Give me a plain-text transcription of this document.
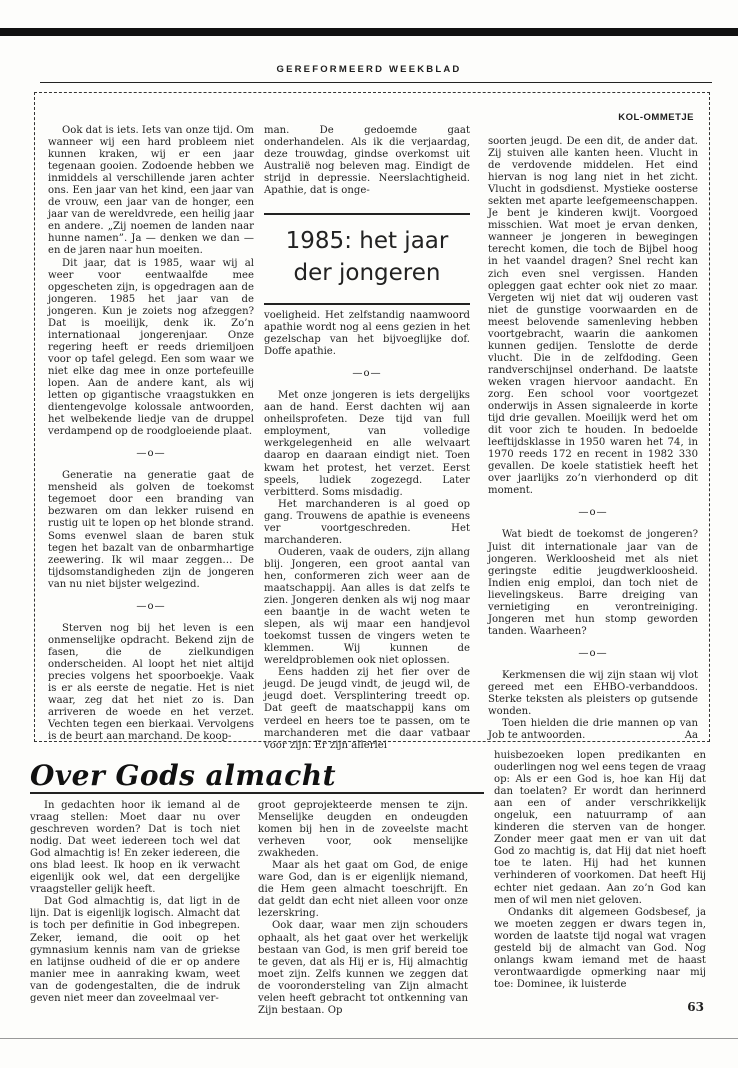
GEREFORMEERD WEEKBLAD
KOL-OMMETJE

Ook dat is iets. Iets van onze tijd. Om wanneer wij een hard probleem niet kunnen kraken, wij er een jaar tegenaan gooien. Zodoende hebben we inmiddels al verschillende jaren achter ons. Een jaar van het kind, een jaar van de vrouw, een jaar van de honger, een jaar van de wereldvrede, een heilig jaar en andere. „Zij noemen de landen naar hunne namen”. Ja — denken we dan — en de jaren naar hun moeiten.

Dit jaar, dat is 1985, waar wij al weer voor eentwaalfde mee opgescheten zijn, is opgedragen aan de jongeren. 1985 het jaar van de jongeren. Kun je zoiets nog afzeggen? Dat is moeilijk, denk ik. Zo’n internationaal jongerenjaar. Onze regering heeft er reeds driemiljoen voor op tafel gelegd. Een som waar we niet elke dag mee in onze portefeuille lopen. Aan de andere kant, als wij letten op gigantische vraagstukken en dientengevolge kolossale antwoorden, het welbekende liedje van de druppel verdampend op de roodgloeiende plaat.

—o—

Generatie na generatie gaat de mensheid als golven de toekomst tegemoet door een branding van bezwaren om dan lekker ruisend en rustig uit te lopen op het blonde strand. Soms evenwel slaan de baren stuk tegen het bazalt van de onbarmhartige zeewering. Ik wil maar zeggen… De tijdsomstandigheden zijn de jongeren van nu niet bijster welgezind.

—o—

Sterven nog bij het leven is een onmenselijke opdracht. Bekend zijn de fasen, die de zielkundigen onderscheiden. Al loopt het niet altijd precies volgens het spoorboekje. Vaak is er als eerste de negatie. Het is niet waar, zeg dat het niet zo is. Dan arriveren de woede en het verzet. Vechten tegen een bierkaai. Vervolgens is de beurt aan marchand. De koop-

man. De gedoemde gaat onderhandelen. Als ik die verjaardag, deze trouwdag, gindse overkomst uit Australië nog beleven mag. Eindigt de strijd in depressie. Neerslachtigheid. Apathie, dat is onge-

1985: het jaar
der jongeren

voeligheid. Het zelfstandig naamwoord apathie wordt nog al eens gezien in het gezelschap van het bijvoeglijke dof. Doffe apathie.

—o—

Met onze jongeren is iets dergelijks aan de hand. Eerst dachten wij aan onheilsprofeten. Deze tijd van full employment, van volledige werkgelegenheid en alle welvaart daarop en daaraan eindigt niet. Toen kwam het protest, het verzet. Eerst speels, ludiek zogezegd. Later verbitterd. Soms misdadig.

Het marchanderen is al goed op gang. Trouwens de apathie is eveneens ver voortgeschreden. Het marchanderen.

Ouderen, vaak de ouders, zijn allang blij. Jongeren, een groot aantal van hen, conformeren zich weer aan de maatschappij. Aan alles is dat zelfs te zien. Jongeren denken als wij nog maar een baantje in de wacht weten te slepen, als wij maar een handjevol toekomst tussen de vingers weten te klemmen. Wij kunnen de wereldproblemen ook niet oplossen.

Eens hadden zij het fier over de jeugd. De jeugd vindt, de jeugd wil, de jeugd doet. Versplintering treedt op. Dat geeft de maatschappij kans om verdeel en heers toe te passen, om te marchanderen met die daar vatbaar voor zijn. Er zijn allerlei

soorten jeugd. De een dit, de ander dat. Zij stuiven alle kanten heen. Vlucht in de verdovende middelen. Het eind hiervan is nog lang niet in het zicht. Vlucht in godsdienst. Mystieke oosterse sekten met aparte leefgemeenschappen. Je bent je kinderen kwijt. Voorgoed misschien. Wat moet je ervan denken, wanneer je jongeren in bewegingen terecht komen, die toch de Bijbel hoog in het vaandel dragen? Snel recht kan zich even snel vergissen. Handen opleggen gaat echter ook niet zo maar. Vergeten wij niet dat wij ouderen vast niet de gunstige voorwaarden en de meest belovende samenleving hebben voortgebracht, waarin die aankomen kunnen gedijen. Tenslotte de derde vlucht. Die in de zelfdoding. Geen randverschijnsel onderhand. De laatste weken vragen hiervoor aandacht. En zorg. Een school voor voortgezet onderwijs in Assen signaleerde in korte tijd drie gevallen. Moeilijk werd het om dit voor zich te houden. In bedoelde leeftijdsklasse in 1950 waren het 74, in 1970 reeds 172 en recent in 1982 330 gevallen. De koele statistiek heeft het over jaarlijks zo’n vierhonderd op dit moment.

—o—

Wat biedt de toekomst de jongeren? Juist dit internationale jaar van de jongeren. Werkloosheid met als niet geringste editie jeugdwerkloosheid. Indien enig emploi, dan toch niet de lievelingskeus. Barre dreiging van vernietiging en verontreiniging. Jongeren met hun stomp geworden tanden. Waarheen?

—o—

Kerkmensen die wij zijn staan wij vlot gereed met een EHBO-verbanddoos. Sterke teksten als pleisters op gutsende wonden.

Toen hielden die drie mannen op van Job te antwoorden.	Aa

Over Gods almacht

In gedachten hoor ik iemand al de vraag stellen: Moet daar nu over geschreven worden? Dat is toch niet nodig. Dat weet iedereen toch wel dat God almachtig is! En zeker iedereen, die ons blad leest. Ik hoop en ik verwacht eigenlijk ook wel, dat een dergelijke vraagsteller gelijk heeft.

Dat God almachtig is, dat ligt in de lijn. Dat is eigenlijk logisch. Almacht dat is toch per definitie in God inbegrepen. Zeker, iemand, die ooit op het gymnasium kennis nam van de griekse en latijnse oudheid of die er op andere manier mee in aanraking kwam, weet van de godengestalten, die de indruk geven niet meer dan zoveelmaal ver-

groot geprojekteerde mensen te zijn. Menselijke deugden en ondeugden komen bij hen in de zoveelste macht verheven voor, ook menselijke zwakheden.

Maar als het gaat om God, de enige ware God, dan is er eigenlijk niemand, die Hem geen almacht toeschrijft. En dat geldt dan echt niet alleen voor onze lezerskring.

Ook daar, waar men zijn schouders ophaalt, als het gaat over het werkelijk bestaan van God, is men grif bereid toe te geven, dat als Hij er is, Hij almachtig moet zijn. Zelfs kunnen we zeggen dat de voorondersteling van Zijn almacht velen heeft gebracht tot ontkenning van Zijn bestaan. Op

huisbezoeken lopen predikanten en ouderlingen nog wel eens tegen de vraag op: Als er een God is, hoe kan Hij dat dan toelaten? Er wordt dan herinnerd aan een of ander verschrikkelijk ongeluk, een natuurramp of aan kinderen die sterven van de honger. Zonder meer gaat men er van uit dat God zo machtig is, dat Hij dat niet hoeft toe te laten. Hij had het kunnen verhinderen of voorkomen. Dat heeft Hij echter niet gedaan. Aan zo’n God kan men of wil men niet geloven.

Ondanks dit algemeen Godsbesef, ja we moeten zeggen er dwars tegen in, worden de laatste tijd nogal wat vragen gesteld bij de almacht van God. Nog onlangs kwam iemand met de haast verontwaardigde opmerking naar mij toe: Dominee, ik luisterde

63
